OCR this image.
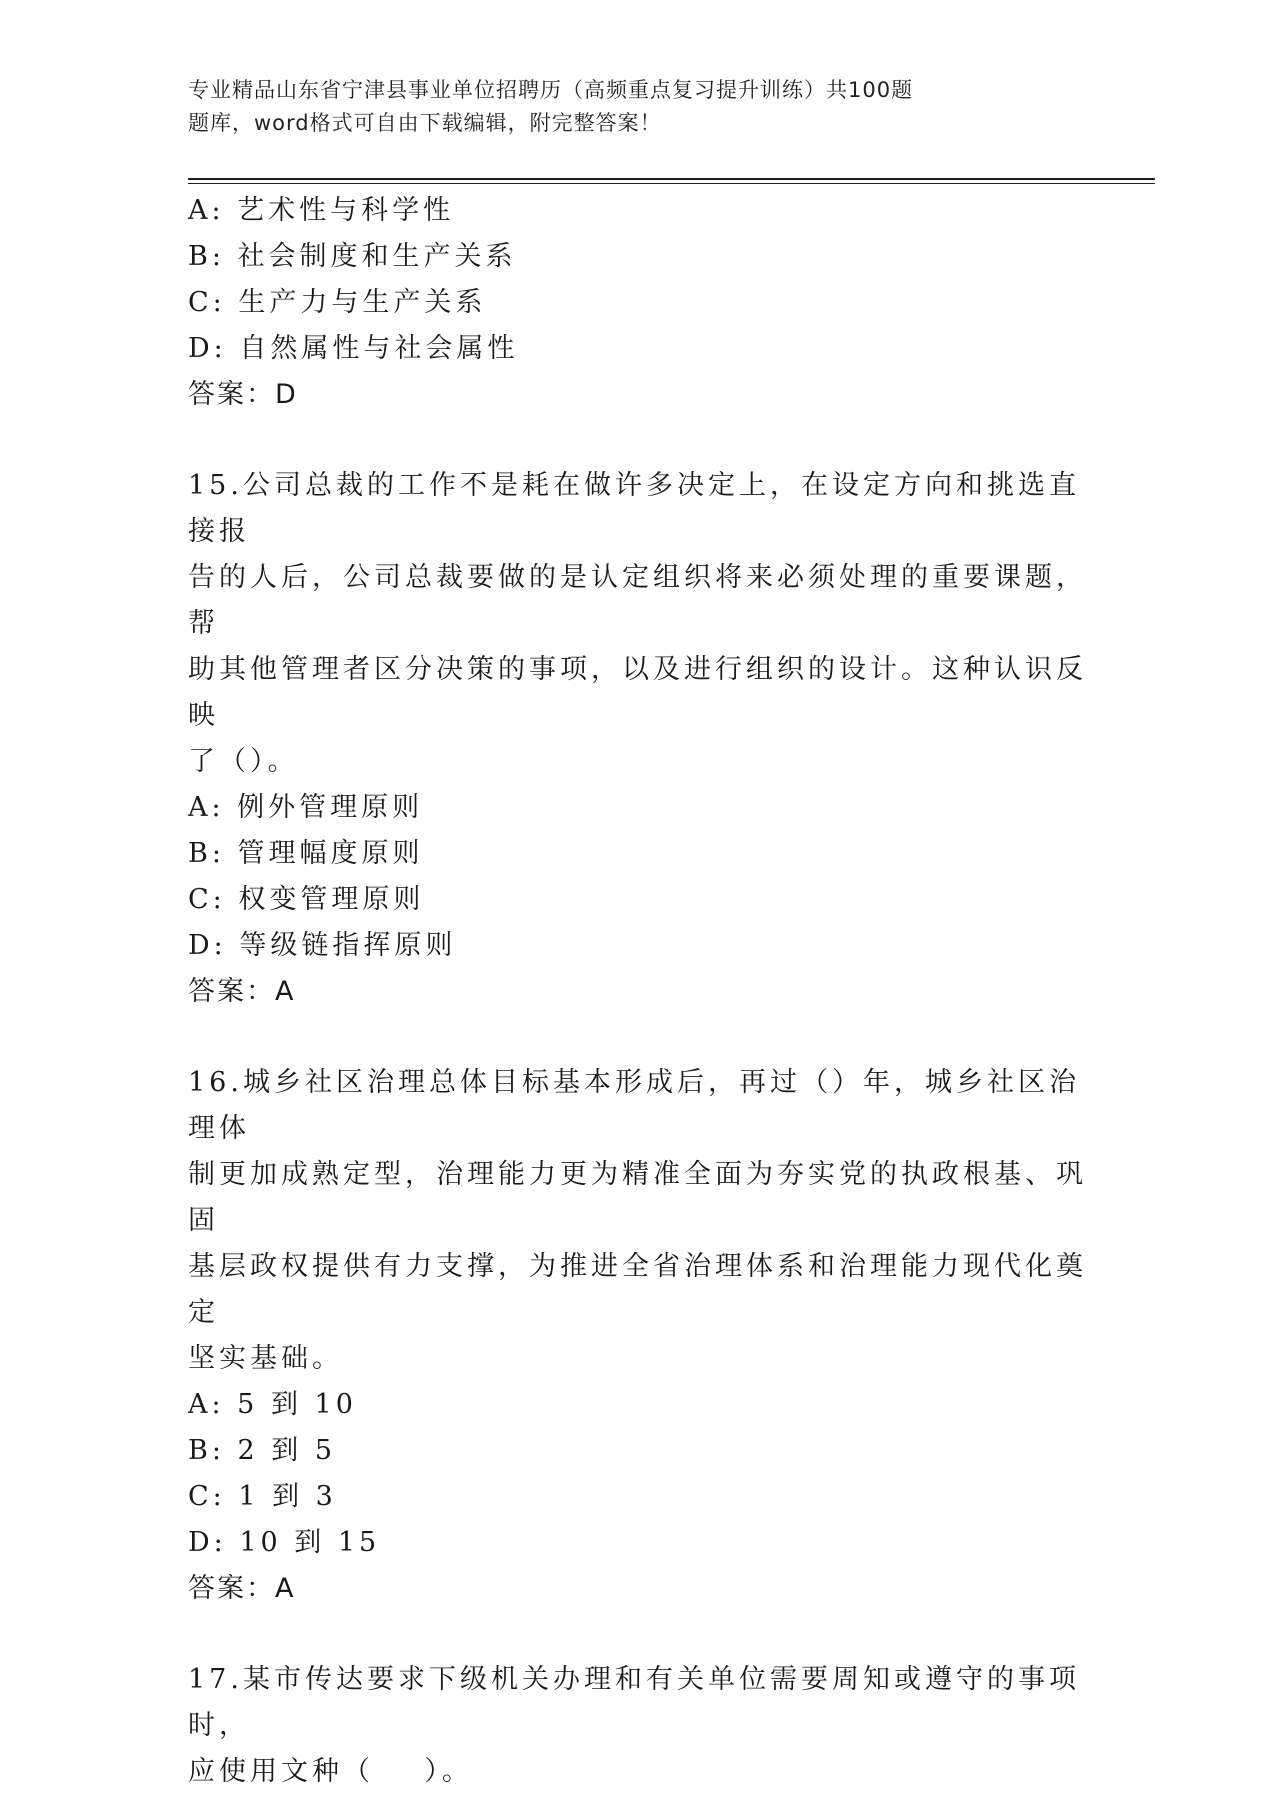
专业精品山东省宁津县事业单位招聘历（高频重点复习提升训练）共100题
题库，word格式可自由下载编辑，附完整答案！
A: 艺术性与科学性
B: 社会制度和生产关系
C: 生产力与生产关系
D: 自然属性与社会属性
答案：D
15.公司总裁的工作不是耗在做许多决定上，在设定方向和挑选直接报
告的人后，公司总裁要做的是认定组织将来必须处理的重要课题，帮
助其他管理者区分决策的事项，以及进行组织的设计。这种认识反映
了（）。
A: 例外管理原则
B: 管理幅度原则
C: 权变管理原则
D: 等级链指挥原则
答案：A
16.城乡社区治理总体目标基本形成后，再过（）年，城乡社区治理体
制更加成熟定型，治理能力更为精准全面为夯实党的执政根基、巩固
基层政权提供有力支撑，为推进全省治理体系和治理能力现代化奠定
坚实基础。
A: 5 到 10
B: 2 到 5
C: 1 到 3
D: 10 到 15
答案：A
17.某市传达要求下级机关办理和有关单位需要周知或遵守的事项时，
应使用文种（    ）。
